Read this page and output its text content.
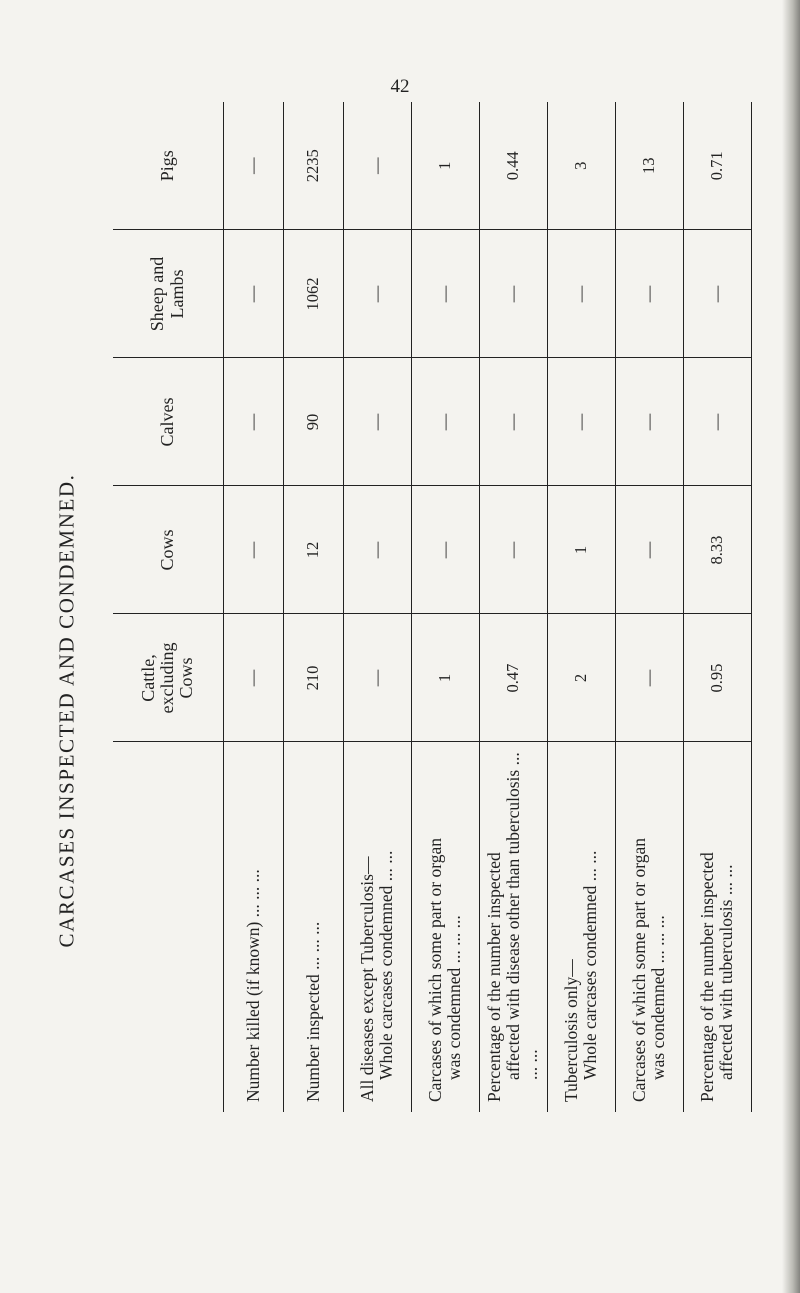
42
CARCASES INSPECTED AND CONDEMNED.
		Cattle, excluding Cows	Cows	Calves	Sheep and Lambs	Pigs
Number killed (if known) ... ... ...	—	—	—	—	—
Number inspected ... ... ...	210	12	90	1062	2235
All diseases except Tuberculosis—
Whole carcases condemned ... ...	—	—	—	—	—
Carcases of which some part or organ
was condemned ... ... ...	1	—	—	—	1
Percentage of the number inspected
affected with disease other than tuberculosis ... ... ...	0.47	—	—	—	0.44
Tuberculosis only—
Whole carcases condemned ... ...	2	1	—	—	3
Carcases of which some part or organ
was condemned ... ... ...	—	—	—	—	13
Percentage of the number inspected
affected with tuberculosis ... ...	0.95	8.33	—	—	0.71
